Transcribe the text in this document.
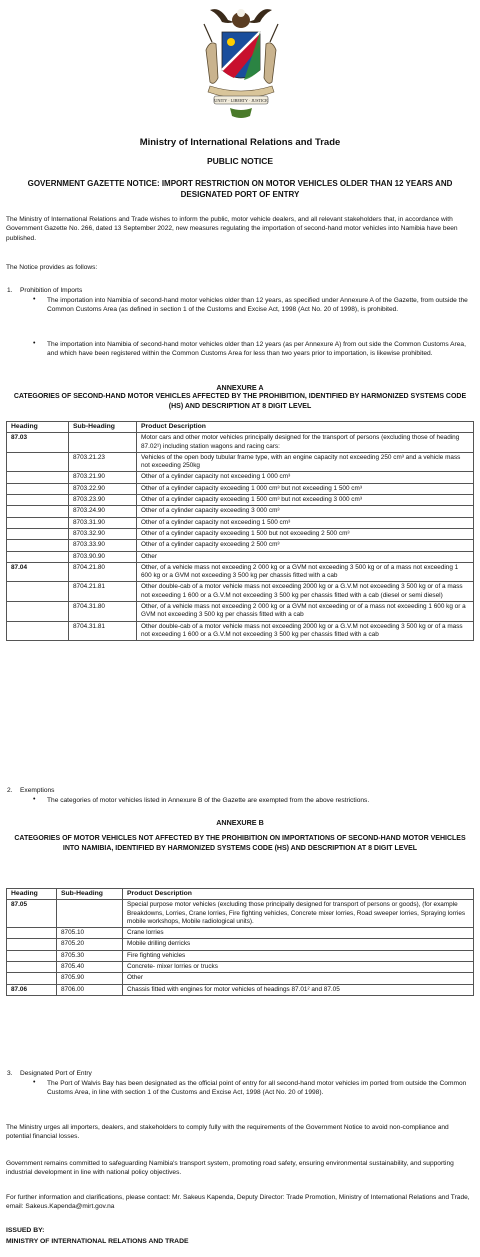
UNITY · LIBERTY · JUSTICE
Ministry of International Relations and Trade
PUBLIC NOTICE
GOVERNMENT GAZETTE NOTICE: IMPORT RESTRICTION ON MOTOR VEHICLES OLDER THAN 12 YEARS AND DESIGNATED PORT OF ENTRY
The Ministry of International Relations and Trade wishes to inform the public, motor vehicle dealers, and all relevant stakeholders that, in accordance with Government Gazette No. 266, dated 13 September 2022, new measures regulating the importation of second-hand motor vehicles into Namibia have been published.
The Notice provides as follows:
1. Prohibition of Imports
• The importation into Namibia of second-hand motor vehicles older than 12 years, as specified under Annexure A of the Gazette, from outside the Common Customs Area (as defined in section 1 of the Customs and Excise Act, 1998 (Act No. 20 of 1998), is prohibited.
• The importation into Namibia of second-hand motor vehicles older than 12 years (as per Annexure A) from out side the Common Customs Area, and which have been registered within the Common Customs Area for less than two years prior to importation, is likewise prohibited.
ANNEXURE A
CATEGORIES OF SECOND-HAND MOTOR VEHICLES AFFECTED BY THE PROHIBITION, IDENTIFIED BY HARMONIZED SYSTEMS CODE (HS) AND DESCRIPTION AT 8 DIGIT LEVEL
Heading	Sub-Heading	Product Description
87.03		Motor cars and other motor vehicles principally designed for the transport of persons (excluding those of heading 87.02¹) including station wagons and racing cars:
	8703.21.23	Vehicles of the open body tubular frame type, with an engine capacity not exceeding 250 cm³ and a vehicle mass not exceeding 250kg
	8703.21.90	Other of a cylinder capacity not exceeding 1 000 cm³
	8703.22.90	Other of a cylinder capacity exceeding 1 000 cm³ but not exceeding 1 500 cm³
	8703.23.90	Other of a cylinder capacity exceeding 1 500 cm³ but not exceeding 3 000 cm³
	8703.24.90	Other of a cylinder capacity exceeding 3 000 cm³
	8703.31.90	Other of a cylinder capacity not exceeding 1 500 cm³
	8703.32.90	Other of a cylinder capacity exceeding 1 500 but not exceeding 2 500 cm³
	8703.33.90	Other of a cylinder capacity exceeding 2 500 cm³
	8703.90.90	Other
87.04	8704.21.80	Other, of a vehicle mass not exceeding 2 000 kg or a GVM not exceeding 3 500 kg or of a mass not exceeding 1 600 kg or a GVM not exceeding 3 500 kg per chassis fitted with a cab
	8704.21.81	Other double-cab of a motor vehicle mass not exceeding 2000 kg or a G.V.M not exceeding 3 500 kg or of a mass not exceeding 1 600 or a G.V.M not exceeding 3 500 kg per chassis fitted with a cab (diesel or semi diesel)
	8704.31.80	Other, of a vehicle mass not exceeding 2 000 kg or a GVM not exceeding or of a mass not exceeding 1 600 kg or a GVM not exceeding 3 500 kg per chassis fitted with a cab
	8704.31.81	Other double-cab of a motor vehicle mass not exceeding 2000 kg or a G.V.M not exceeding 3 500 kg or of a mass not exceeding 1 600 or a G.V.M not exceeding 3 500 kg per chassis fitted with a cab
2. Exemptions
• The categories of motor vehicles listed in Annexure B of the Gazette are exempted from the above restrictions.
ANNEXURE B
CATEGORIES OF MOTOR VEHICLES NOT AFFECTED BY THE PROHIBITION ON IMPORTATIONS OF SECOND-HAND MOTOR VEHICLES INTO NAMIBIA, IDENTIFIED BY HARMONIZED SYSTEMS CODE (HS) AND DESCRIPTION AT 8 DIGIT LEVEL
Heading	Sub-Heading	Product Description
87.05		Special purpose motor vehicles (excluding those principally designed for transport of persons or goods), (for example Breakdowns, Lorries, Crane lorries, Fire fighting vehicles, Concrete mixer lorries, Road sweeper lorries, Spraying lorries mobile workshops, Mobile radiological units).
	8705.10	Crane lorries
	8705.20	Mobile drilling derricks
	8705.30	Fire fighting vehicles
	8705.40	Concrete- mixer lorries or trucks
	8705.90	Other
87.06	8706.00	Chassis fitted with engines for motor vehicles of headings 87.01² and 87.05
3. Designated Port of Entry
• The Port of Walvis Bay has been designated as the official point of entry for all second-hand motor vehicles im ported from outside the Common Customs Area, in line with section 1 of the Customs and Excise Act, 1998 (Act No. 20 of 1998).
The Ministry urges all importers, dealers, and stakeholders to comply fully with the requirements of the Government Notice to avoid non-compliance and potential financial losses.
Government remains committed to safeguarding Namibia's transport system, promoting road safety, ensuring environmental sustainability, and supporting industrial development in line with national policy objectives.
For further information and clarifications, please contact: Mr. Sakeus Kapenda, Deputy Director: Trade Promotion, Ministry of International Relations and Trade, email: Sakeus.Kapenda@mirt.gov.na
ISSUED BY:
MINISTRY OF INTERNATIONAL RELATIONS AND TRADE
